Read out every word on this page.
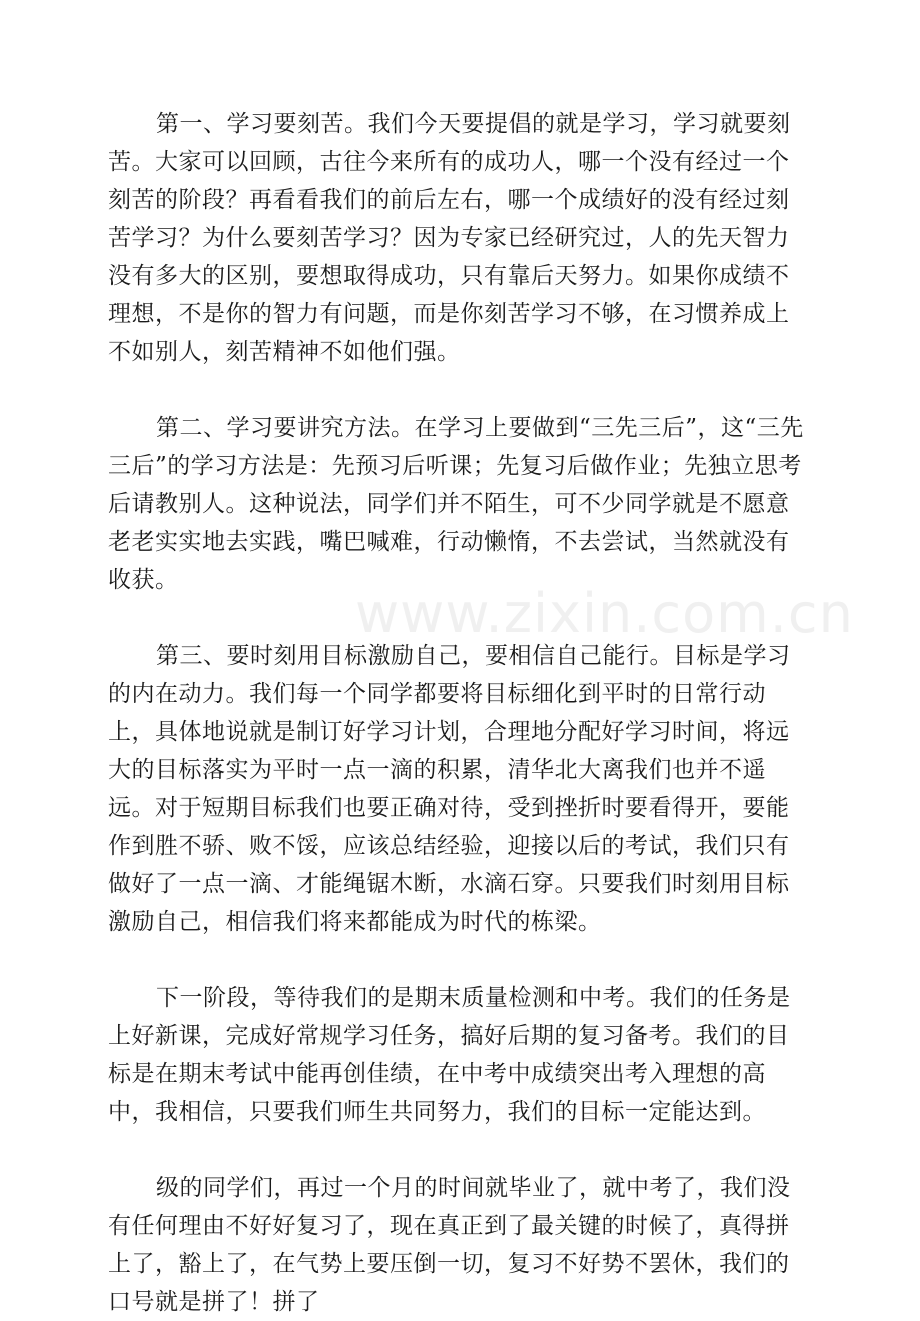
www.zixin.com.cn

第一、学习要刻苦。我们今天要提倡的就是学习，学习就要刻苦。大家可以回顾，古往今来所有的成功人，哪一个没有经过一个刻苦的阶段？再看看我们的前后左右，哪一个成绩好的没有经过刻苦学习？为什么要刻苦学习？因为专家已经研究过，人的先天智力没有多大的区别，要想取得成功，只有靠后天努力。如果你成绩不理想，不是你的智力有问题，而是你刻苦学习不够，在习惯养成上不如别人，刻苦精神不如他们强。

第二、学习要讲究方法。在学习上要做到“三先三后”，这“三先三后”的学习方法是：先预习后听课；先复习后做作业；先独立思考后请教别人。这种说法，同学们并不陌生，可不少同学就是不愿意老老实实地去实践，嘴巴喊难，行动懒惰，不去尝试，当然就没有收获。

第三、要时刻用目标激励自己，要相信自己能行。目标是学习的内在动力。我们每一个同学都要将目标细化到平时的日常行动上，具体地说就是制订好学习计划，合理地分配好学习时间，将远大的目标落实为平时一点一滴的积累，清华北大离我们也并不遥远。对于短期目标我们也要正确对待，受到挫折时要看得开，要能作到胜不骄、败不馁，应该总结经验，迎接以后的考试，我们只有做好了一点一滴、才能绳锯木断，水滴石穿。只要我们时刻用目标激励自己，相信我们将来都能成为时代的栋梁。

下一阶段，等待我们的是期末质量检测和中考。我们的任务是上好新课，完成好常规学习任务，搞好后期的复习备考。我们的目标是在期末考试中能再创佳绩，在中考中成绩突出考入理想的高中，我相信，只要我们师生共同努力，我们的目标一定能达到。

级的同学们，再过一个月的时间就毕业了，就中考了，我们没有任何理由不好好复习了，现在真正到了最关键的时候了，真得拼上了，豁上了，在气势上要压倒一切，复习不好势不罢休，我们的口号就是拼了！拼了
